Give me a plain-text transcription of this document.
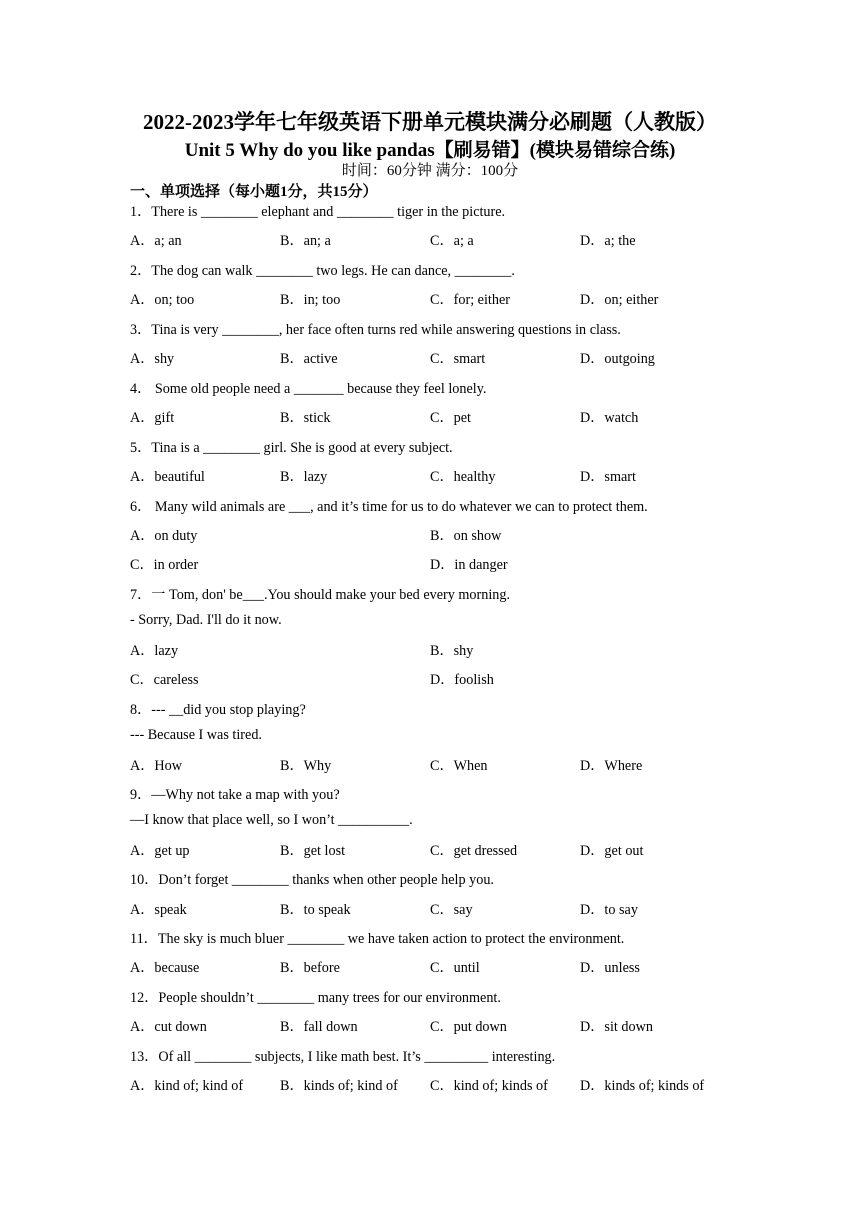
2022-2023学年七年级英语下册单元模块满分必刷题（人教版）
Unit 5 Why do you like pandas【刷易错】(模块易错综合练)
时间：60分钟 满分：100分
一、单项选择（每小题1分，共15分）
1．There is ________ elephant and ________ tiger in the picture.
A．a; an	B．an; a	C．a; a	D．a; the
2．The dog can walk ________ two legs. He can dance, ________.
A．on; too	B．in; too	C．for; either	D．on; either
3．Tina is very ________, her face often turns red while answering questions in class.
A．shy	B．active	C．smart	D．outgoing
4． Some old people need a _______ because they feel lonely.
A．gift	B．stick	C．pet	D．watch
5．Tina is a ________ girl. She is good at every subject.
A．beautiful	B．lazy	C．healthy	D．smart
6． Many wild animals are ___, and it’s time for us to do whatever we can to protect them.
A．on duty	B．on show
C．in order	D．in danger
7．一 Tom, don' be___.You should make your bed every morning.
- Sorry, Dad. I'll do it now.
A．lazy	B．shy
C．careless	D．foolish
8．--- __did you stop playing?
--- Because I was tired.
A．How	B．Why	C．When	D．Where
9．—Why not take a map with you?
—I know that place well, so I won’t __________.
A．get up	B．get lost	C．get dressed	D．get out
10．Don’t forget ________ thanks when other people help you.
A．speak	B．to speak	C．say	D．to say
11．The sky is much bluer ________ we have taken action to protect the environment.
A．because	B．before	C．until	D．unless
12．People shouldn’t ________ many trees for our environment.
A．cut down	B．fall down	C．put down	D．sit down
13．Of all ________ subjects, I like math best. It’s _________ interesting.
A．kind of; kind of	B．kinds of; kind of C．kind of; kinds of D．kinds of; kinds of
